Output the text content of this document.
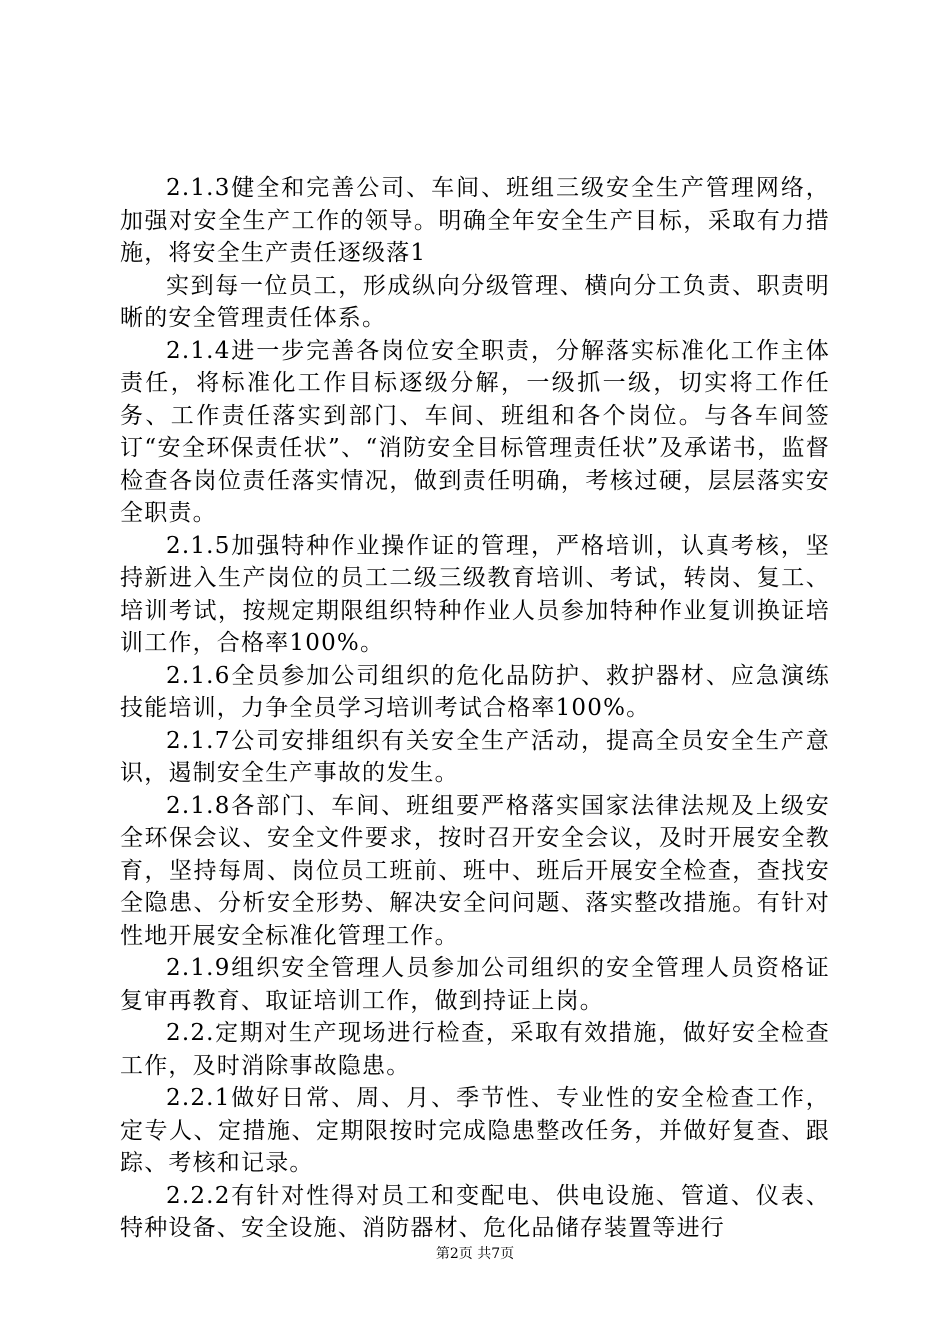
2.1.3健全和完善公司、车间、班组三级安全生产管理网络，加强对安全生产工作的领导。明确全年安全生产目标，采取有力措施，将安全生产责任逐级落1

实到每一位员工，形成纵向分级管理、横向分工负责、职责明晰的安全管理责任体系。

2.1.4进一步完善各岗位安全职责，分解落实标准化工作主体责任，将标准化工作目标逐级分解，一级抓一级，切实将工作任务、工作责任落实到部门、车间、班组和各个岗位。与各车间签订“安全环保责任状”、“消防安全目标管理责任状”及承诺书，监督检查各岗位责任落实情况，做到责任明确，考核过硬，层层落实安全职责。

2.1.5加强特种作业操作证的管理，严格培训，认真考核，坚持新进入生产岗位的员工二级三级教育培训、考试，转岗、复工、培训考试，按规定期限组织特种作业人员参加特种作业复训换证培训工作，合格率100%。

2.1.6全员参加公司组织的危化品防护、救护器材、应急演练技能培训，力争全员学习培训考试合格率100%。

2.1.7公司安排组织有关安全生产活动，提高全员安全生产意识，遏制安全生产事故的发生。

2.1.8各部门、车间、班组要严格落实国家法律法规及上级安全环保会议、安全文件要求，按时召开安全会议，及时开展安全教育，坚持每周、岗位员工班前、班中、班后开展安全检查，查找安全隐患、分析安全形势、解决安全问问题、落实整改措施。有针对性地开展安全标准化管理工作。

2.1.9组织安全管理人员参加公司组织的安全管理人员资格证复审再教育、取证培训工作，做到持证上岗。

2.2.定期对生产现场进行检查，采取有效措施，做好安全检查工作，及时消除事故隐患。

2.2.1做好日常、周、月、季节性、专业性的安全检查工作，定专人、定措施、定期限按时完成隐患整改任务，并做好复查、跟踪、考核和记录。

2.2.2有针对性得对员工和变配电、供电设施、管道、仪表、特种设备、安全设施、消防器材、危化品储存装置等进行

第2页 共7页
